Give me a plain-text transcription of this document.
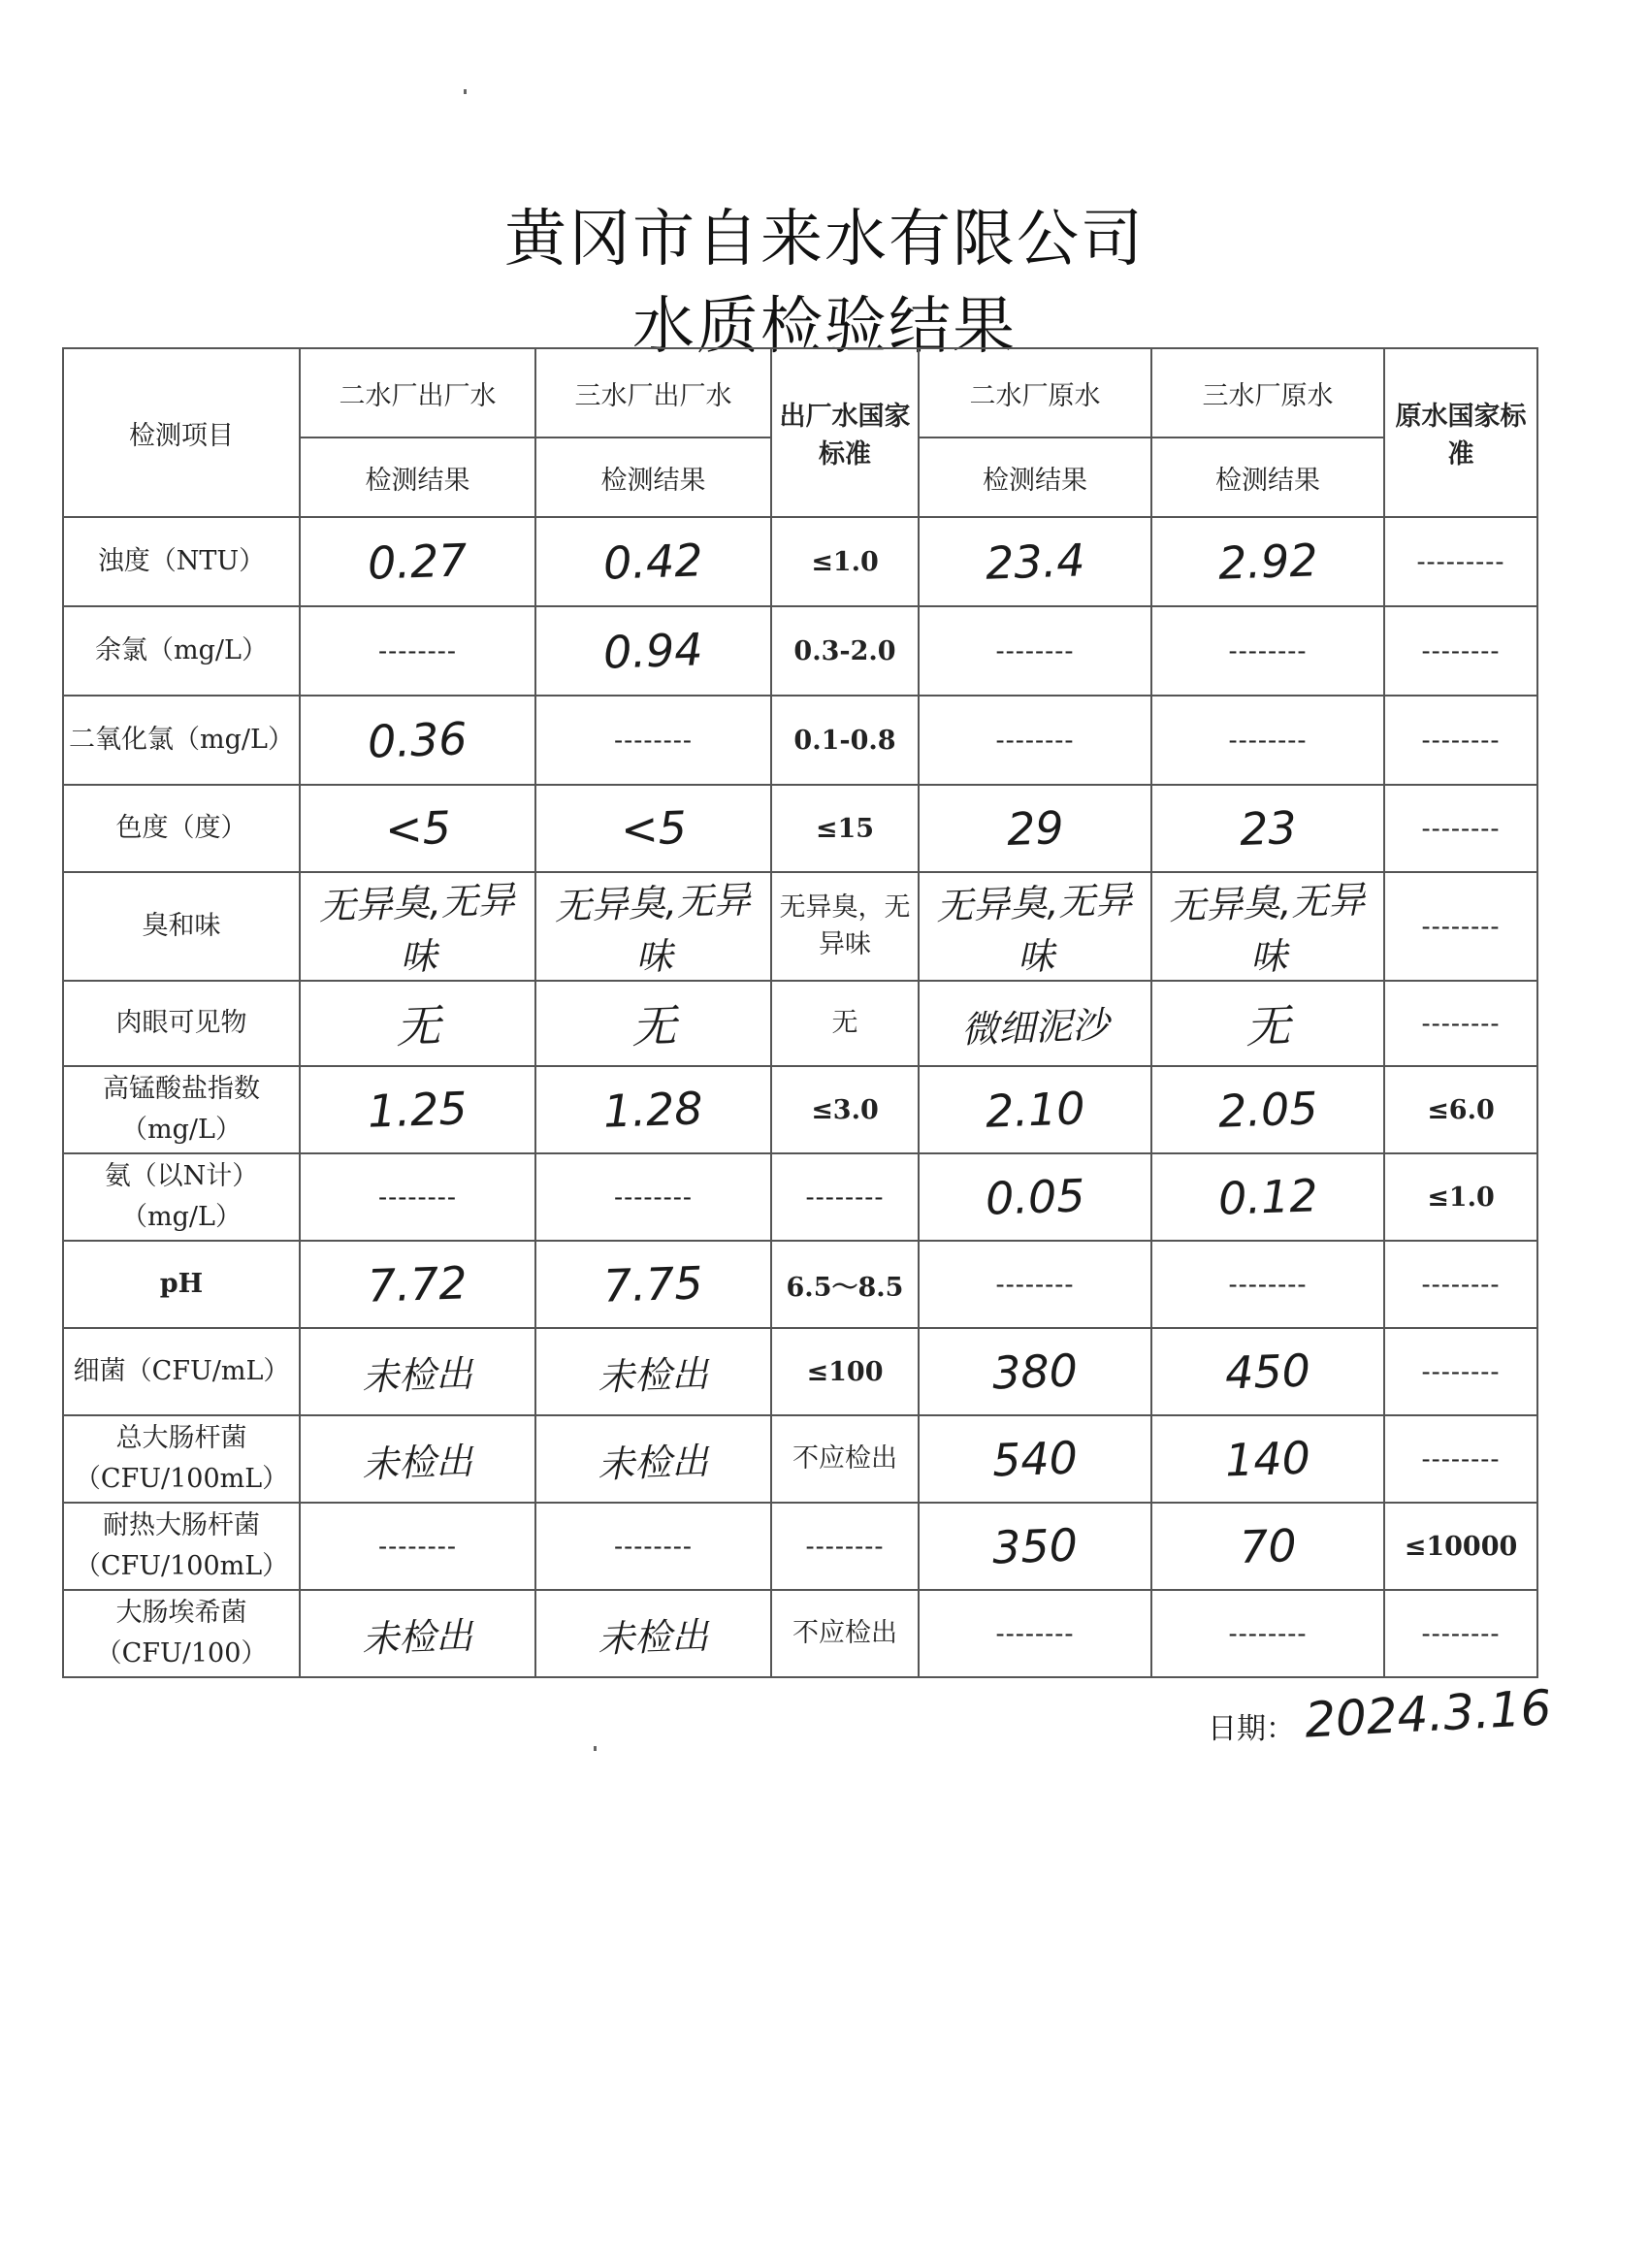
黄冈市自来水有限公司
水质检验结果
检测项目	二水厂出厂水	三水厂出厂水	出厂水国家标准	二水厂原水	三水厂原水	原水国家标准
	检测结果	检测结果		检测结果	检测结果	
浊度（NTU）	0.27	0.42	≤1.0	23.4	2.92	---------
余氯（mg/L）	--------	0.94	0.3-2.0	--------	--------	--------
二氧化氯（mg/L）	0.36	--------	0.1-0.8	--------	--------	--------
色度（度）	<5	<5	≤15	29	23	--------
臭和味	无异臭,无异味	无异臭,无异味	无异臭，无异味	无异臭,无异味	无异臭,无异味	--------
肉眼可见物	无	无	无	微细泥沙	无	--------
高锰酸盐指数（mg/L）	1.25	1.28	≤3.0	2.10	2.05	≤6.0
氨（以N计）（mg/L）	--------	--------	--------	0.05	0.12	≤1.0
pH	7.72	7.75	6.5～8.5	--------	--------	--------
细菌（CFU/mL）	未检出	未检出	≤100	380	450	--------
总大肠杆菌（CFU/100mL）	未检出	未检出	不应检出	540	140	--------
耐热大肠杆菌（CFU/100mL）	--------	--------	--------	350	70	≤10000
大肠埃希菌（CFU/100）	未检出	未检出	不应检出	--------	--------	--------
日期： 2024.3.16
